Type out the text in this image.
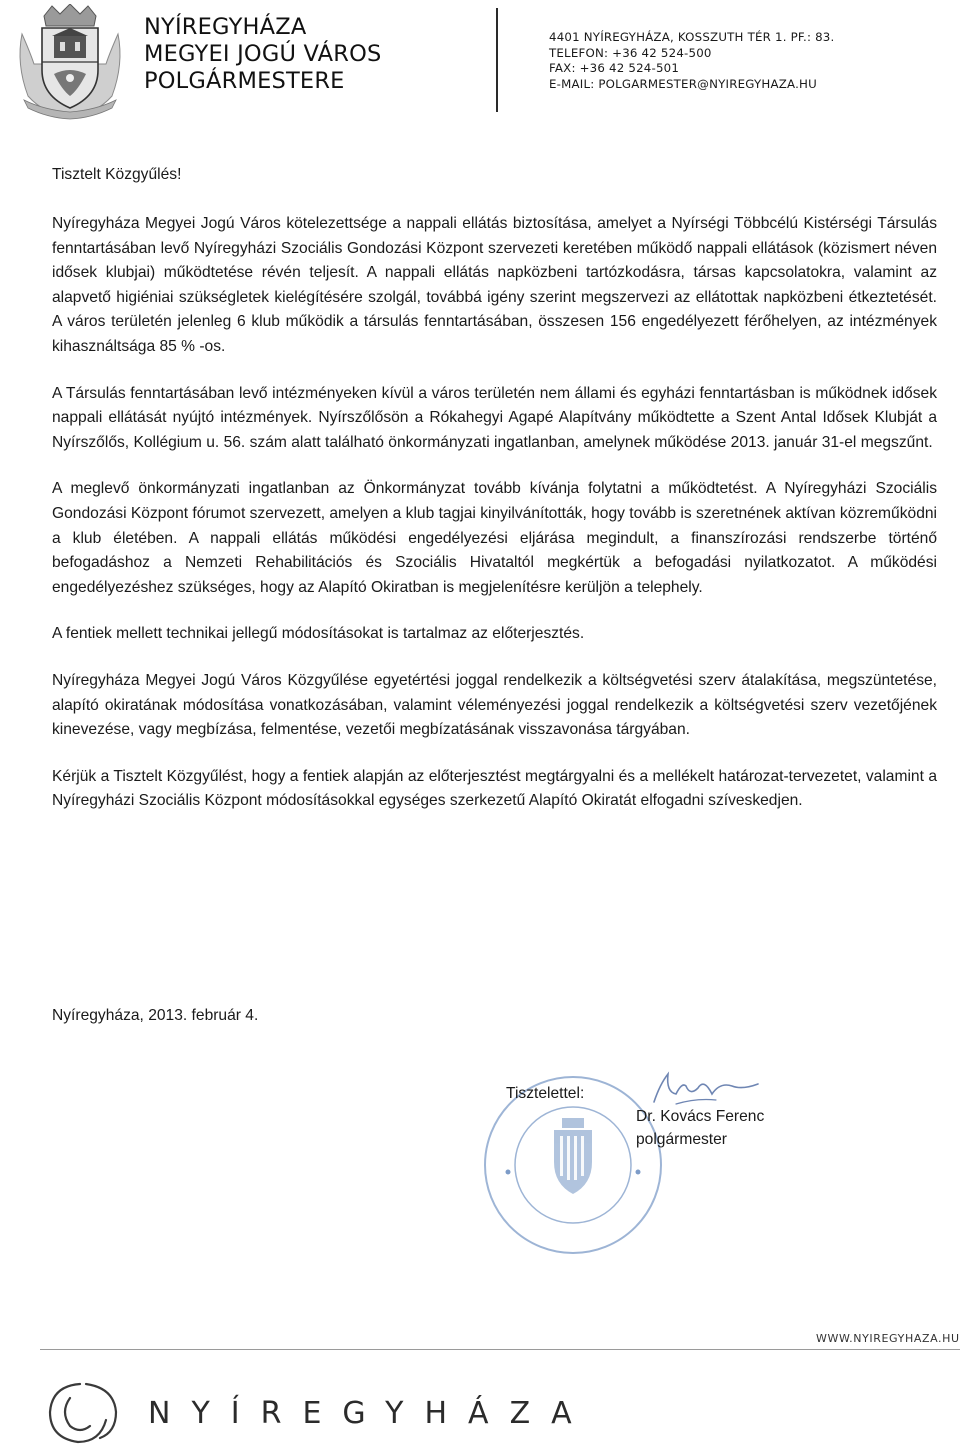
NYÍREGYHÁZA
MEGYEI JOGÚ VÁROS
POLGÁRMESTERE
4401 NYÍREGYHÁZA, KOSSZUTH TÉR 1. PF.: 83.
TELEFON: +36 42 524-500
FAX: +36 42 524-501
E-MAIL: POLGARMESTER@NYIREGYHAZA.HU
Tisztelt Közgyűlés!

Nyíregyháza Megyei Jogú Város kötelezettsége a nappali ellátás biztosítása, amelyet a Nyírségi Többcélú Kistérségi Társulás fenntartásában levő Nyíregyházi Szociális Gondozási Központ szervezeti keretében működő nappali ellátások (közismert néven idősek klubjai) működtetése révén teljesít. A nappali ellátás napközbeni tartózkodásra, társas kapcsolatokra, valamint az alapvető higiéniai szükségletek kielégítésére szolgál, továbbá igény szerint megszervezi az ellátottak napközbeni étkeztetését. A város területén jelenleg 6 klub működik a társulás fenntartásában, összesen 156 engedélyezett férőhelyen, az intézmények kihasználtsága 85 % -os.

A Társulás fenntartásában levő intézményeken kívül a város területén nem állami és egyházi fenntartásban is működnek idősek nappali ellátását nyújtó intézmények. Nyírszőlősön a Rókahegyi Agapé Alapítvány működtette a Szent Antal Idősek Klubját a Nyírszőlős, Kollégium u. 56. szám alatt található önkormányzati ingatlanban, amelynek működése 2013. január 31-el megszűnt.

A meglevő önkormányzati ingatlanban az Önkormányzat tovább kívánja folytatni a működtetést. A Nyíregyházi Szociális Gondozási Központ fórumot szervezett, amelyen a klub tagjai kinyilvánították, hogy tovább is szeretnének aktívan közreműködni a klub életében. A nappali ellátás működési engedélyezési eljárása megindult, a finanszírozási rendszerbe történő befogadáshoz a Nemzeti Rehabilitációs és Szociális Hivataltól megkértük a befogadási nyilatkozatot. A működési engedélyezéshez szükséges, hogy az Alapító Okiratban is megjelenítésre kerüljön a telephely.

A fentiek mellett technikai jellegű módosításokat is tartalmaz az előterjesztés.

Nyíregyháza Megyei Jogú Város Közgyűlése egyetértési joggal rendelkezik a költségvetési szerv átalakítása, megszüntetése, alapító okiratának módosítása vonatkozásában, valamint véleményezési joggal rendelkezik a költségvetési szerv vezetőjének kinevezése, vagy megbízása, felmentése, vezetői megbízatásának visszavonása tárgyában.

Kérjük a Tisztelt Közgyűlést, hogy a fentiek alapján az előterjesztést megtárgyalni és a mellékelt határozat-tervezetet, valamint a Nyíregyházi Szociális Központ módosításokkal egységes szerkezetű Alapító Okiratát elfogadni szíveskedjen.

Nyíregyháza, 2013. február 4.
Tisztelettel:
Dr. Kovács Ferenc
polgármester
WWW.NYIREGYHAZA.HU
NYÍREGYHÁZA
